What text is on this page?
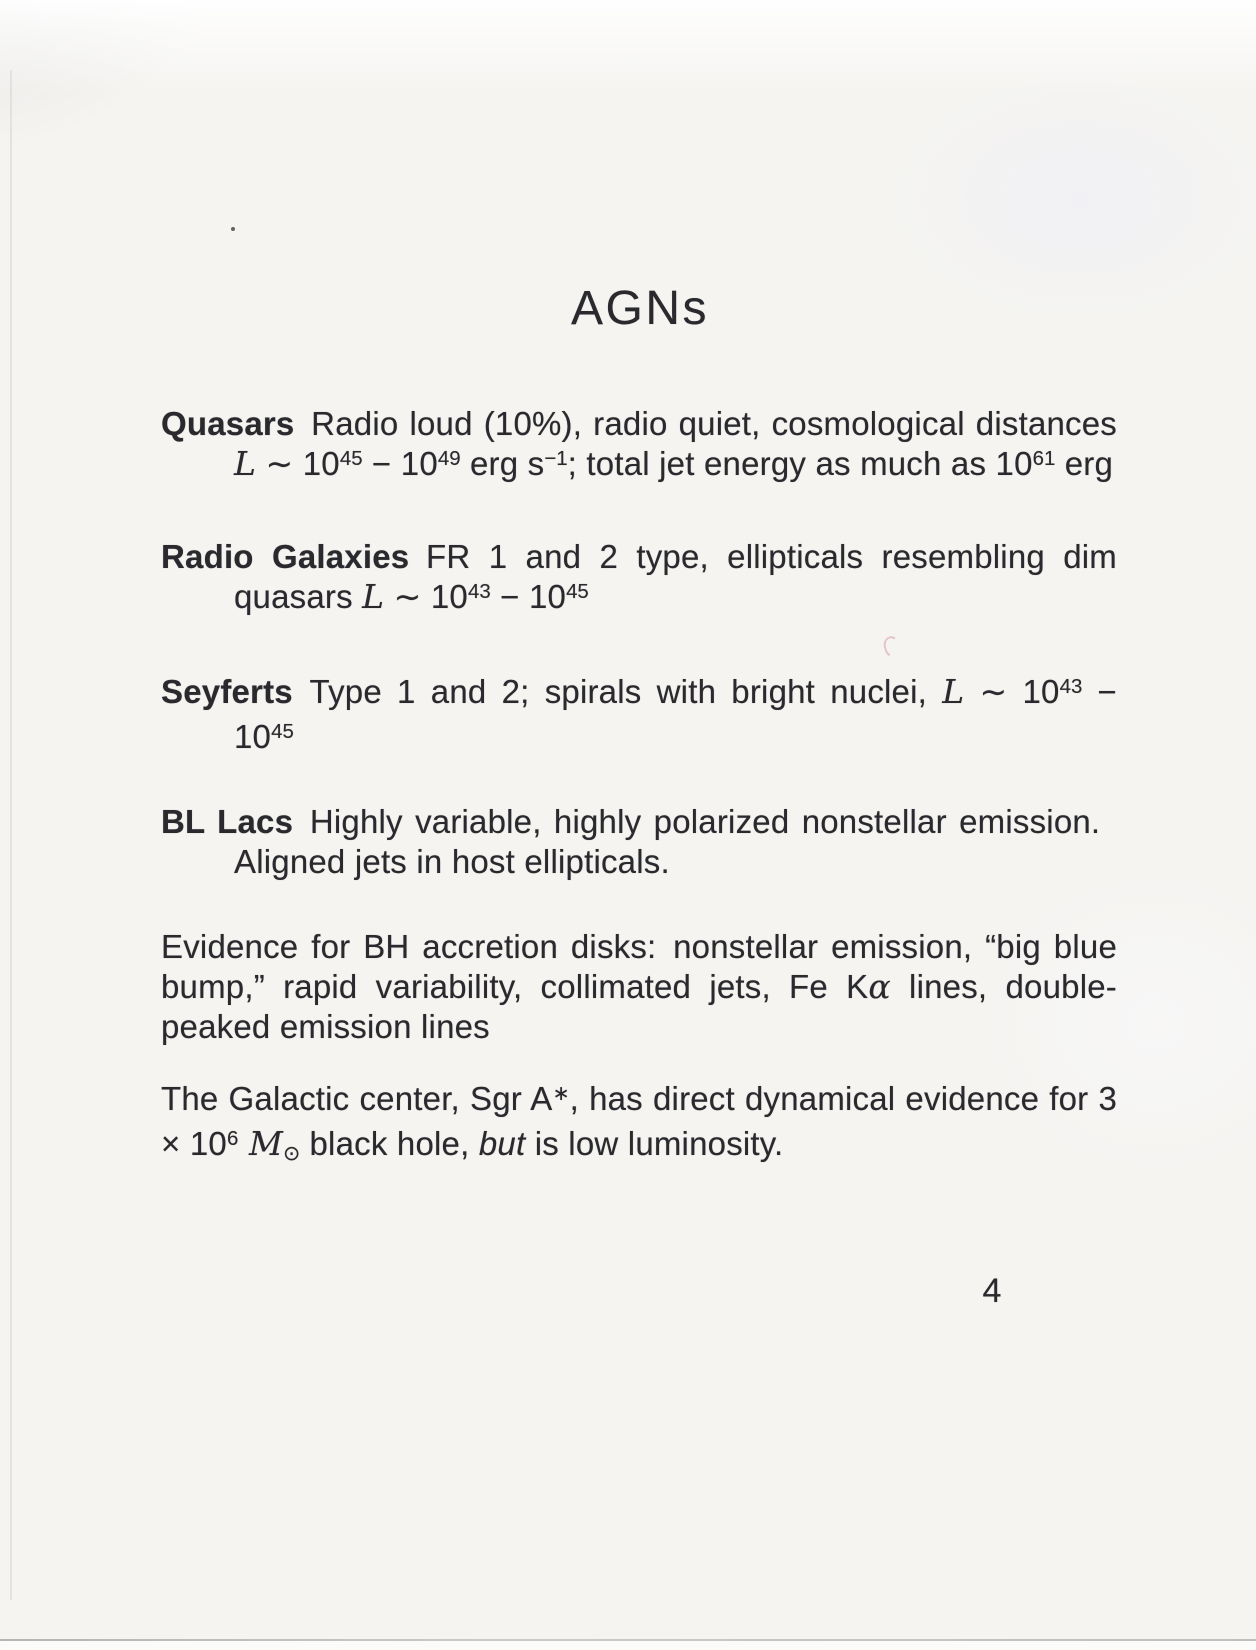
AGNs

Quasars Radio loud (10%), radio quiet, cosmological distances L ∼ $10^{45} - 10^{49}$ erg $s^{-1}$; total jet energy as much as $10^{61}$ erg

Radio Galaxies FR 1 and 2 type, ellipticals resembling dim quasars L ∼ $10^{43} - 10^{45}$

Seyferts Type 1 and 2; spirals with bright nuclei, L ∼ $10^{43} - 10^{45}$

BL Lacs Highly variable, highly polarized nonstellar emission. Aligned jets in host ellipticals.

Evidence for BH accretion disks: nonstellar emission, “big blue bump,” rapid variability, collimated jets, Fe Kα lines, double-peaked emission lines

The Galactic center, Sgr A∗, has direct dynamical evidence for $3 \times 10^6$ M⊙ black hole, but is low luminosity.

4
